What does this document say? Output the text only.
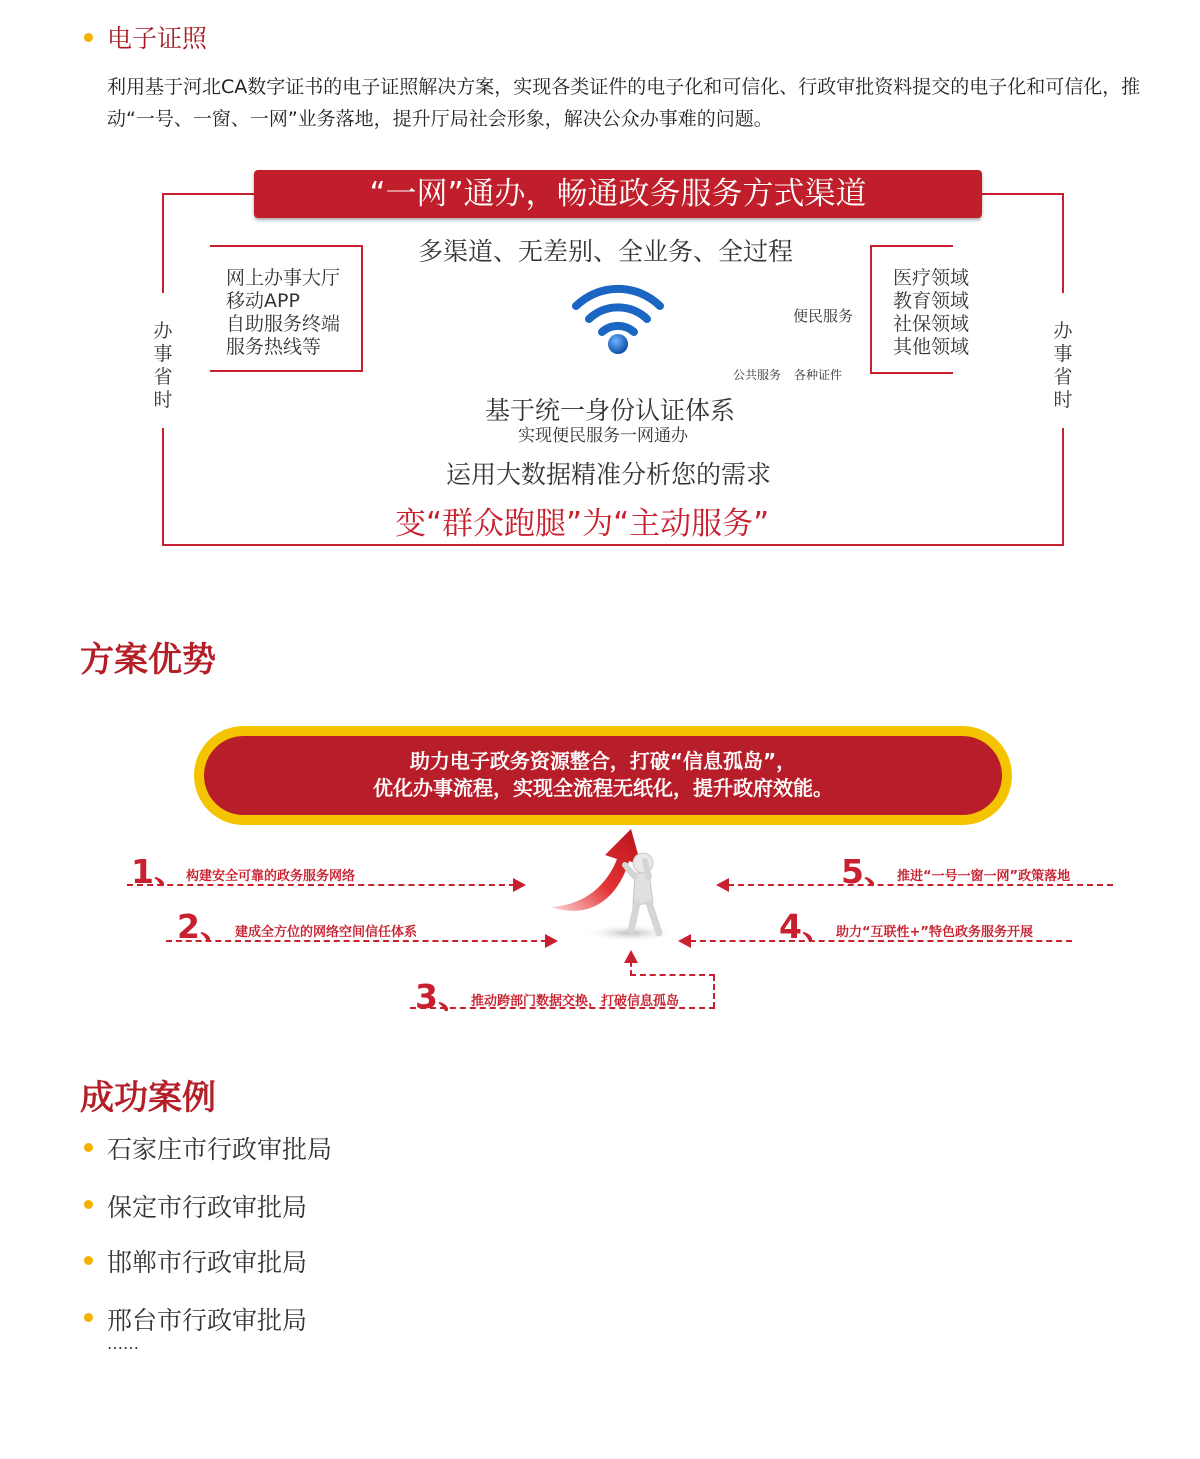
电子证照
利用基于河北CA数字证书的电子证照解决方案，实现各类证件的电子化和可信化、行政审批资料提交的电子化和可信化，推动“一号、一窗、一网”业务落地，提升厅局社会形象，解决公众办事难的问题。
“一网”通办，畅通政务服务方式渠道
多渠道、无差别、全业务、全过程
网上办事大厅
移动APP
自助服务终端
服务热线等
医疗领域
教育领域
社保领域
其他领域
办
事
省
时
办
事
省
时
便民服务
公共服务 各种证件
基于统一身份认证体系
实现便民服务一网通办
运用大数据精准分析您的需求
变“群众跑腿”为“主动服务”
方案优势
助力电子政务资源整合，打破“信息孤岛”，
优化办事流程，实现全流程无纸化，提升政府效能。
1、 构建安全可靠的政务服务网络
2、 建成全方位的网络空间信任体系
3、 推动跨部门数据交换，打破信息孤岛
4、 助力“互联性+”特色政务服务开展
5、 推进“一号一窗一网”政策落地
成功案例
石家庄市行政审批局
保定市行政审批局
邯郸市行政审批局
邢台市行政审批局
……
